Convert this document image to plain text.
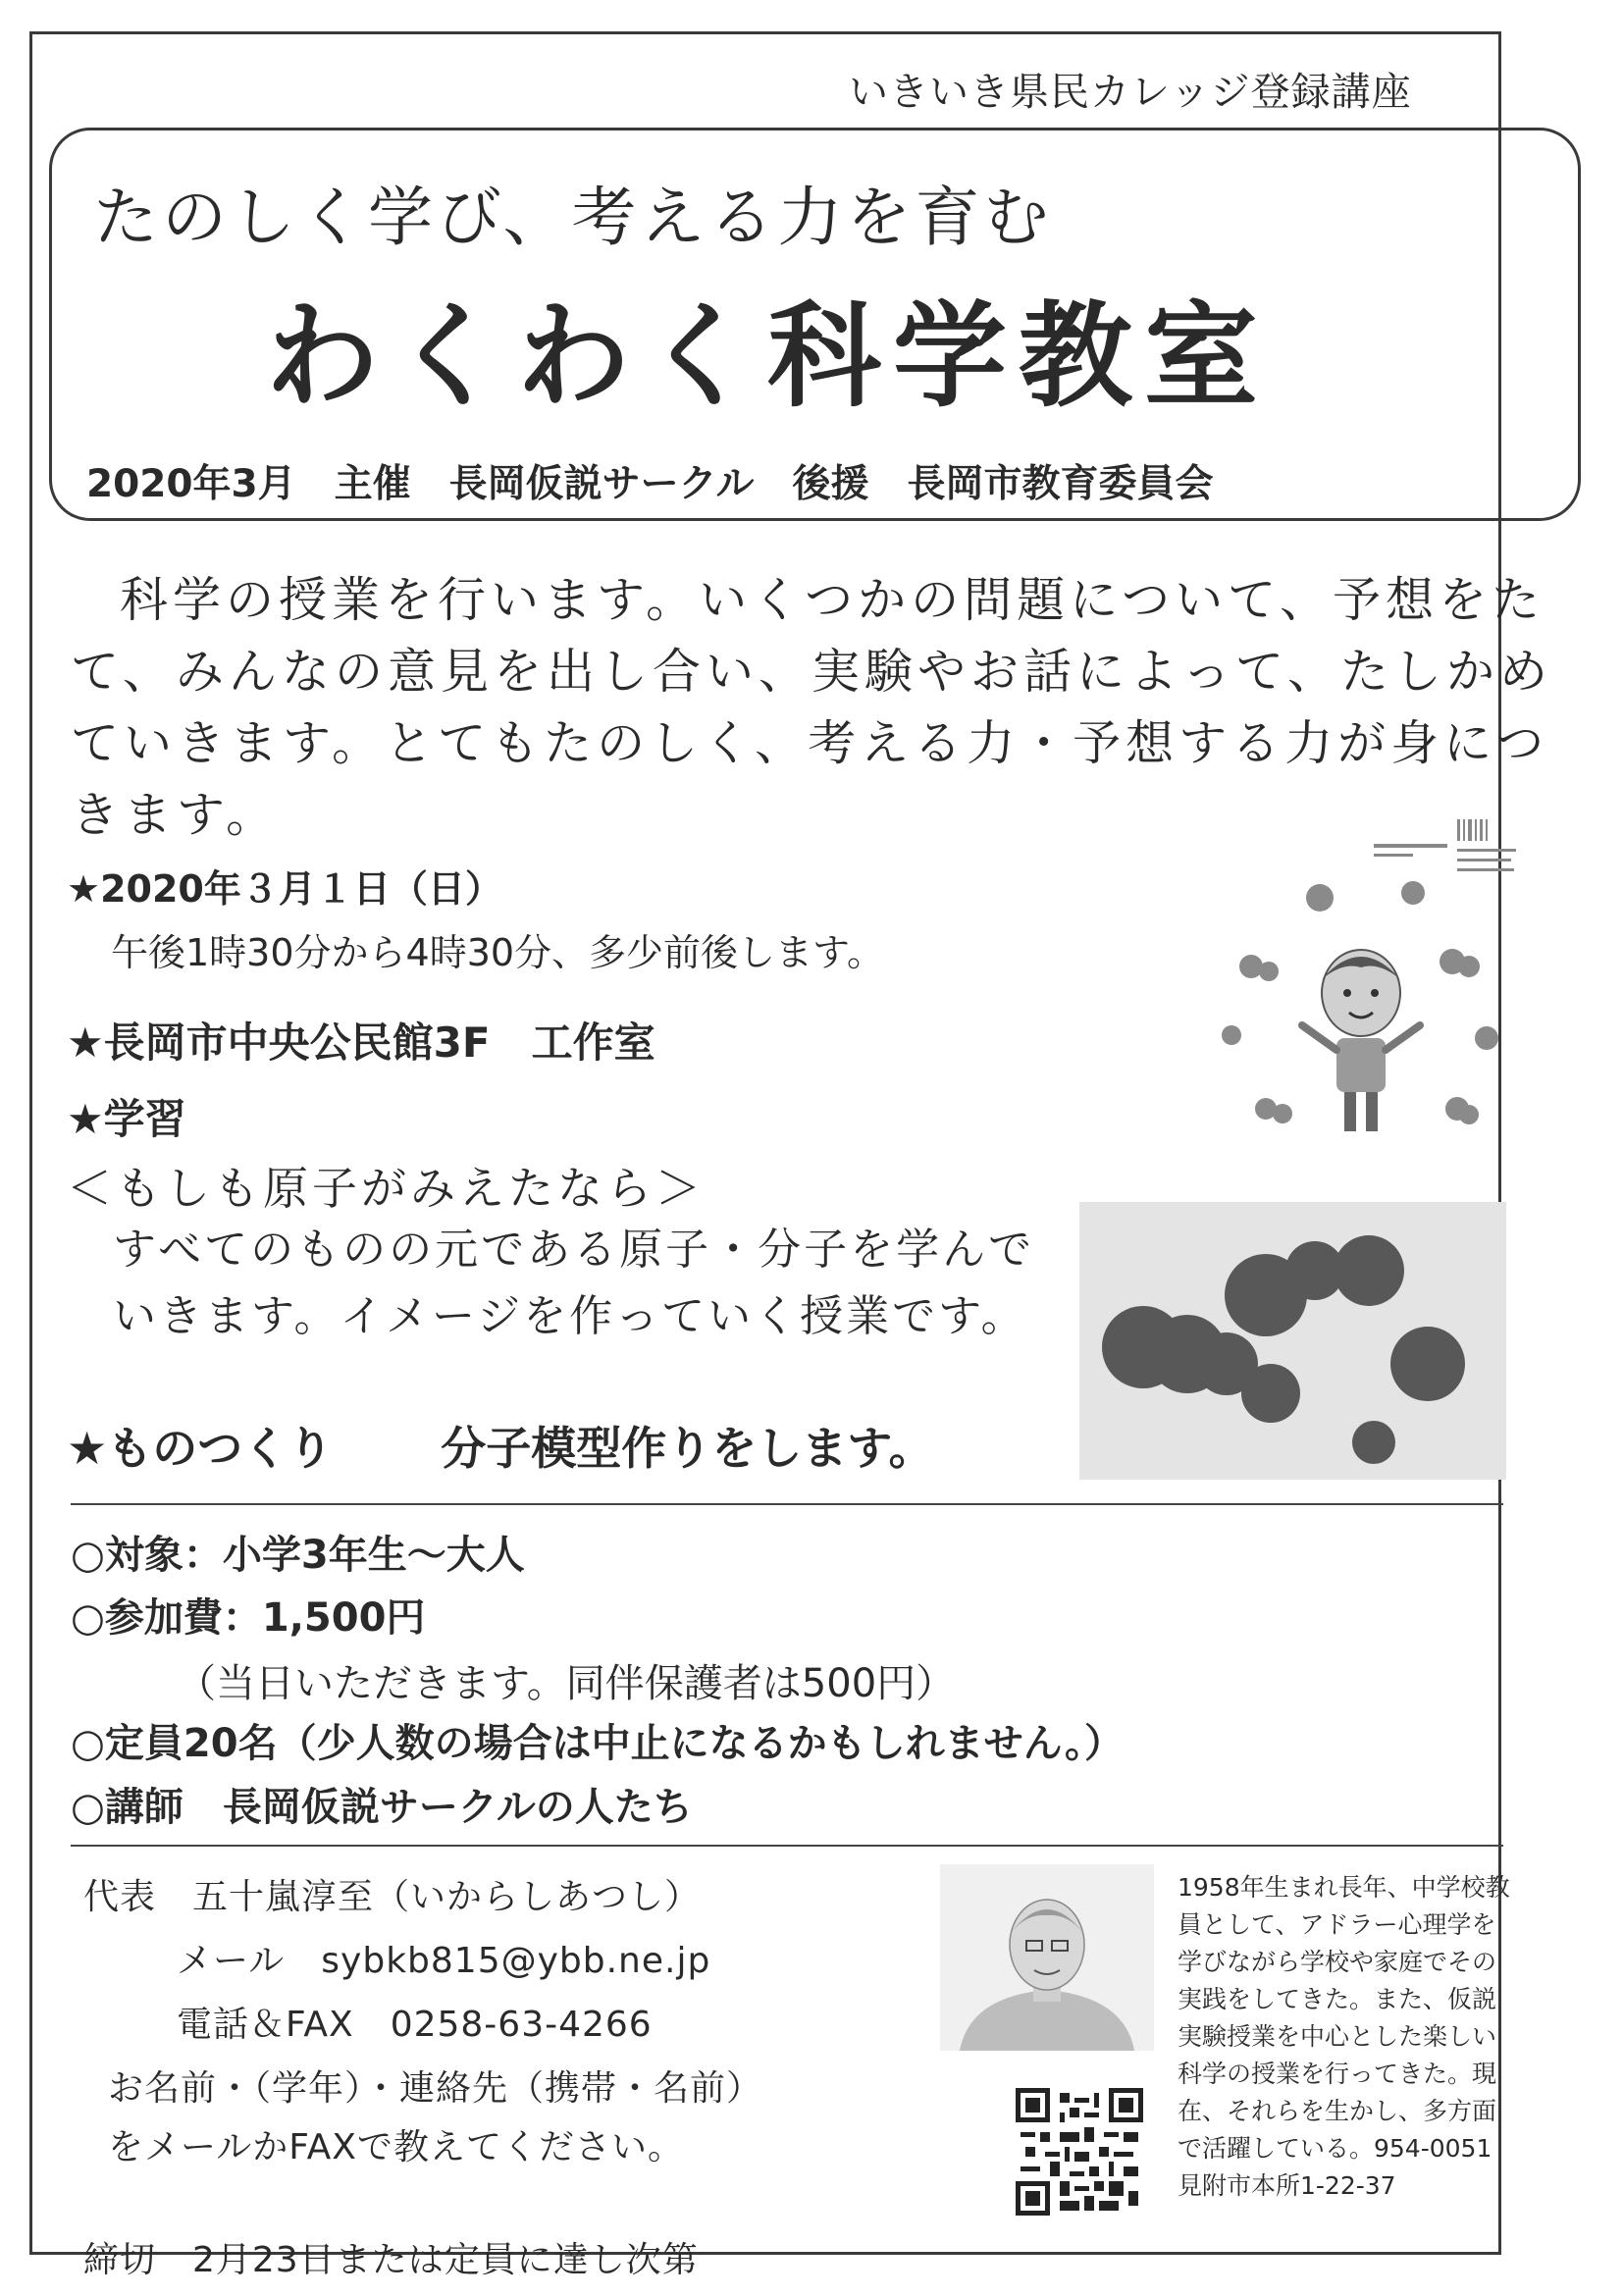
いきいき県民カレッジ登録講座
たのしく学び、考える力を育む
わくわく科学教室
2020年3月　主催　長岡仮説サークル　後援　長岡市教育委員会
科学の授業を行います。いくつかの問題について、予想をたて、みんなの意見を出し合い、実験やお話によって、たしかめていきます。とてもたのしく、考える力・予想する力が身につきます。
★2020年３月１日（日）
午後1時30分から4時30分、多少前後します。
★長岡市中央公民館3F　工作室
★学習
＜もしも原子がみえたなら＞
すべてのものの元である原子・分子を学んでいきます。イメージを作っていく授業です。
★ものつくり 分子模型作りをします。
○対象：小学3年生～大人
○参加費：1,500円
（当日いただきます。同伴保護者は500円）
○定員20名（少人数の場合は中止になるかもしれません。）
○講師　長岡仮説サークルの人たち
代表　五十嵐淳至（いからしあつし）
メール　sybkb815@ybb.ne.jp
電話＆FAX　0258-63-4266
お名前・（学年）・連絡先（携帯・名前）
をメールかFAXで教えてください。
締切　2月23日または定員に達し次第
1958年生まれ長年、中学校教員として、アドラー心理学を学びながら学校や家庭でその実践をしてきた。また、仮説実験授業を中心とした楽しい科学の授業を行ってきた。現在、それらを生かし、多方面で活躍している。954-0051　見附市本所1-22-37
